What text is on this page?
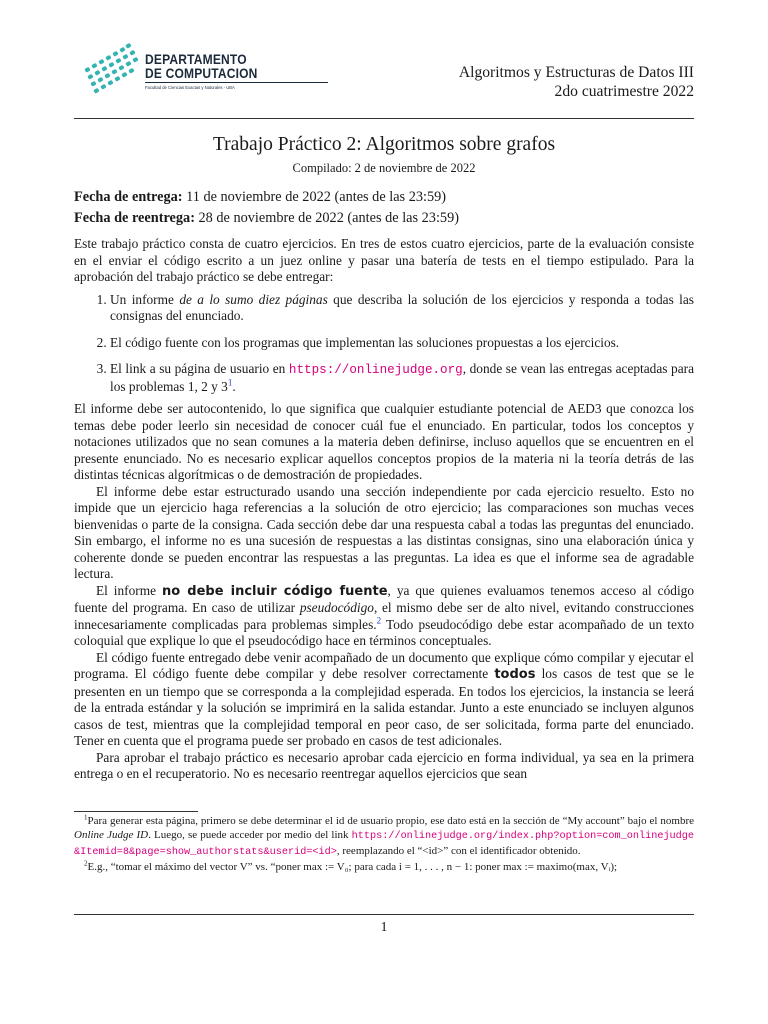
DEPARTAMENTO
DE COMPUTACION
Facultad de Ciencias Exactas y Naturales - UBA
Algoritmos y Estructuras de Datos III
2do cuatrimestre 2022
Trabajo Práctico 2: Algoritmos sobre grafos
Compilado: 2 de noviembre de 2022
Fecha de entrega: 11 de noviembre de 2022 (antes de las 23:59)
Fecha de reentrega: 28 de noviembre de 2022 (antes de las 23:59)

Este trabajo práctico consta de cuatro ejercicios. En tres de estos cuatro ejercicios, parte de la evaluación consiste en el enviar el código escrito a un juez online y pasar una batería de tests en el tiempo estipulado. Para la aprobación del trabajo práctico se debe entregar:

1. Un informe de a lo sumo diez páginas que describa la solución de los ejercicios y responda a todas las consignas del enunciado.
2. El código fuente con los programas que implementan las soluciones propuestas a los ejercicios.
3. El link a su página de usuario en https://onlinejudge.org, donde se vean las entregas aceptadas para los problemas 1, 2 y $3^1$.

El informe debe ser autocontenido, lo que significa que cualquier estudiante potencial de AED3 que conozca los temas debe poder leerlo sin necesidad de conocer cuál fue el enunciado. En particular, todos los conceptos y notaciones utilizados que no sean comunes a la materia deben definirse, incluso aquellos que se encuentren en el presente enunciado. No es necesario explicar aquellos conceptos propios de la materia ni la teoría detrás de las distintas técnicas algorítmicas o de demostración de propiedades.

El informe debe estar estructurado usando una sección independiente por cada ejercicio resuelto. Esto no impide que un ejercicio haga referencias a la solución de otro ejercicio; las comparaciones son muchas veces bienvenidas o parte de la consigna. Cada sección debe dar una respuesta cabal a todas las preguntas del enunciado. Sin embargo, el informe no es una sucesión de respuestas a las distintas consignas, sino una elaboración única y coherente donde se pueden encontrar las respuestas a las preguntas. La idea es que el informe sea de agradable lectura.

El informe no debe incluir código fuente, ya que quienes evaluamos tenemos acceso al código fuente del programa. En caso de utilizar pseudocódigo, el mismo debe ser de alto nivel, evitando construcciones innecesariamente complicadas para problemas simples.$^2$ Todo pseudocódigo debe estar acompañado de un texto coloquial que explique lo que el pseudocódigo hace en términos conceptuales.

El código fuente entregado debe venir acompañado de un documento que explique cómo compilar y ejecutar el programa. El código fuente debe compilar y debe resolver correctamente todos los casos de test que se le presenten en un tiempo que se corresponda a la complejidad esperada. En todos los ejercicios, la instancia se leerá de la entrada estándar y la solución se imprimirá en la salida estandar. Junto a este enunciado se incluyen algunos casos de test, mientras que la complejidad temporal en peor caso, de ser solicitada, forma parte del enunciado. Tener en cuenta que el programa puede ser probado en casos de test adicionales.

Para aprobar el trabajo práctico es necesario aprobar cada ejercicio en forma individual, ya sea en la primera entrega o en el recuperatorio. No es necesario reentregar aquellos ejercicios que sean

$^1$Para generar esta página, primero se debe determinar el id de usuario propio, ese dato está en la sección de “My account” bajo el nombre Online Judge ID. Luego, se puede acceder por medio del link https://onlinejudge.org/index.php?option=com_onlinejudge&Itemid=8&page=show_authorstats&userid=<id>, reemplazando el “<id>” con el identificador obtenido.

$^2$E.g., “tomar el máximo del vector V” vs. “poner max := V₀; para cada i = 1, . . . , n − 1: poner max := maximo(max, Vᵢ);

1
